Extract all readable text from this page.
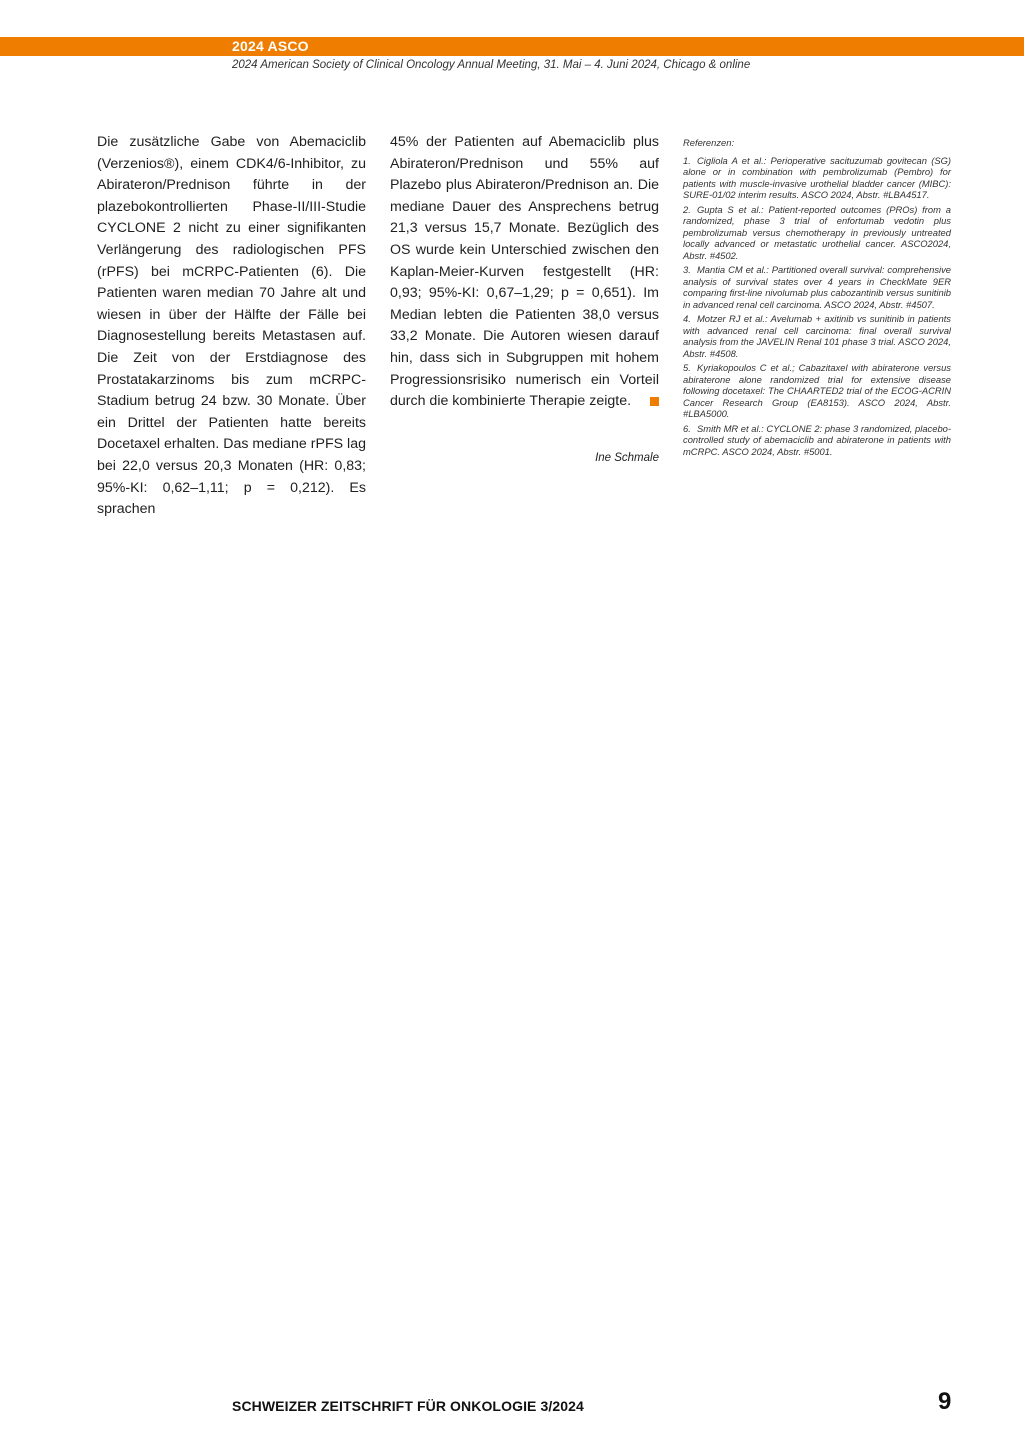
2024 ASCO
2024 American Society of Clinical Oncology Annual Meeting, 31. Mai – 4. Juni 2024, Chicago & online

Die zusätzliche Gabe von Abemaciclib (Verzenios®), einem CDK4/6-Inhibitor, zu Abirateron/Prednison führte in der plazebokontrollierten Phase-II/III-Studie CYCLONE 2 nicht zu einer signifikanten Verlängerung des radiologischen PFS (rPFS) bei mCRPC-Patienten (6). Die Patienten waren median 70 Jahre alt und wiesen in über der Hälfte der Fälle bei Diagnosestellung bereits Metastasen auf. Die Zeit von der Erstdiagnose des Prostatakarzinoms bis zum mCRPC-Stadium betrug 24 bzw. 30 Monate. Über ein Drittel der Patienten hatte bereits Docetaxel erhalten. Das mediane rPFS lag bei 22,0 versus 20,3 Monaten (HR: 0,83; 95%-KI: 0,62–1,11; p = 0,212). Es sprachen

45% der Patienten auf Abemaciclib plus Abirateron/Prednison und 55% auf Plazebo plus Abirateron/Prednison an. Die mediane Dauer des Ansprechens betrug 21,3 versus 15,7 Monate. Bezüglich des OS wurde kein Unterschied zwischen den Kaplan-Meier-Kurven festgestellt (HR: 0,93; 95%-KI: 0,67–1,29; p = 0,651). Im Median lebten die Patienten 38,0 versus 33,2 Monate. Die Autoren wiesen darauf hin, dass sich in Subgruppen mit hohem Progressionsrisiko numerisch ein Vorteil durch die kombinierte Therapie zeigte.

Ine Schmale

Referenzen:

1. Cigliola A et al.: Perioperative sacituzumab govitecan (SG) alone or in combination with pembrolizumab (Pembro) for patients with muscle-invasive urothelial bladder cancer (MIBC): SURE-01/02 interim results. ASCO 2024, Abstr. #LBA4517.
2. Gupta S et al.: Patient-reported outcomes (PROs) from a randomized, phase 3 trial of enfortumab vedotin plus pembrolizumab versus chemotherapy in previously untreated locally advanced or metastatic urothelial cancer. ASCO2024, Abstr. #4502.
3. Mantia CM et al.: Partitioned overall survival: comprehensive analysis of survival states over 4 years in CheckMate 9ER comparing first-line nivolumab plus cabozantinib versus sunitinib in advanced renal cell carcinoma. ASCO 2024, Abstr. #4507.
4. Motzer RJ et al.: Avelumab + axitinib vs sunitinib in patients with advanced renal cell carcinoma: final overall survival analysis from the JAVELIN Renal 101 phase 3 trial. ASCO 2024, Abstr. #4508.
5. Kyriakopoulos C et al.; Cabazitaxel with abiraterone versus abiraterone alone randomized trial for extensive disease following docetaxel: The CHAARTED2 trial of the ECOG-ACRIN Cancer Research Group (EA8153). ASCO 2024, Abstr. #LBA5000.
6. Smith MR et al.: CYCLONE 2: phase 3 randomized, placebo-controlled study of abemaciclib and abiraterone in patients with mCRPC. ASCO 2024, Abstr. #5001.
SCHWEIZER ZEITSCHRIFT FÜR ONKOLOGIE 3/2024	9
